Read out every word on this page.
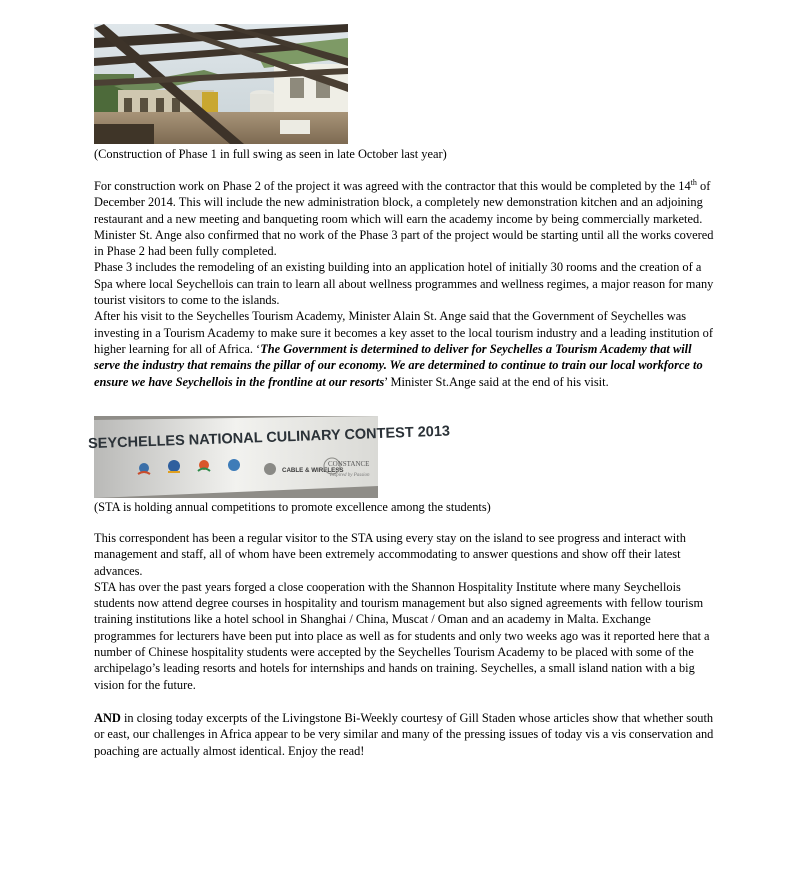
(Construction of Phase 1 in full swing as seen in late October last year)

For construction work on Phase 2 of the project it was agreed with the contractor that this would be completed by the 14th of December 2014. This will include the new administration block, a completely new demonstration kitchen and an adjoining restaurant and a new meeting and banqueting room which will earn the academy income by being commercially marketed.

Minister St. Ange also confirmed that no work of the Phase 3 part of the project would be starting until all the works covered in Phase 2 had been fully completed.

Phase 3 includes the remodeling of an existing building into an application hotel of initially 30 rooms and the creation of a Spa where local Seychellois can train to learn all about wellness programmes and wellness regimes, a major reason for many tourist visitors to come to the islands.

After his visit to the Seychelles Tourism Academy, Minister Alain St. Ange said that the Government of Seychelles was investing in a Tourism Academy to make sure it becomes a key asset to the local tourism industry and a leading institution of higher learning for all of Africa. ‘The Government is determined to deliver for Seychelles a Tourism Academy that will serve the industry that remains the pillar of our economy. We are determined to continue to train our local workforce to ensure we have Seychellois in the frontline at our resorts’ Minister St.Ange said at the end of his visit.

SEYCHELLES NATIONAL CULINARY CONTEST 2013
CABLE & WIRELESS
CONSTANCE
Inspired by Passion

(STA is holding annual competitions to promote excellence among the students)

This correspondent has been a regular visitor to the STA using every stay on the island to see progress and interact with management and staff, all of whom have been extremely accommodating to answer questions and show off their latest advances.

STA has over the past years forged a close cooperation with the Shannon Hospitality Institute where many Seychellois students now attend degree courses in hospitality and tourism management but also signed agreements with fellow tourism training institutions like a hotel school in Shanghai / China, Muscat / Oman and an academy in Malta. Exchange programmes for lecturers have been put into place as well as for students and only two weeks ago was it reported here that a number of Chinese hospitality students were accepted by the Seychelles Tourism Academy to be placed with some of the archipelago’s leading resorts and hotels for internships and hands on training. Seychelles, a small island nation with a big vision for the future.

AND in closing today excerpts of the Livingstone Bi-Weekly courtesy of Gill Staden whose articles show that whether south or east, our challenges in Africa appear to be very similar and many of the pressing issues of today vis a vis conservation and poaching are actually almost identical. Enjoy the read!
